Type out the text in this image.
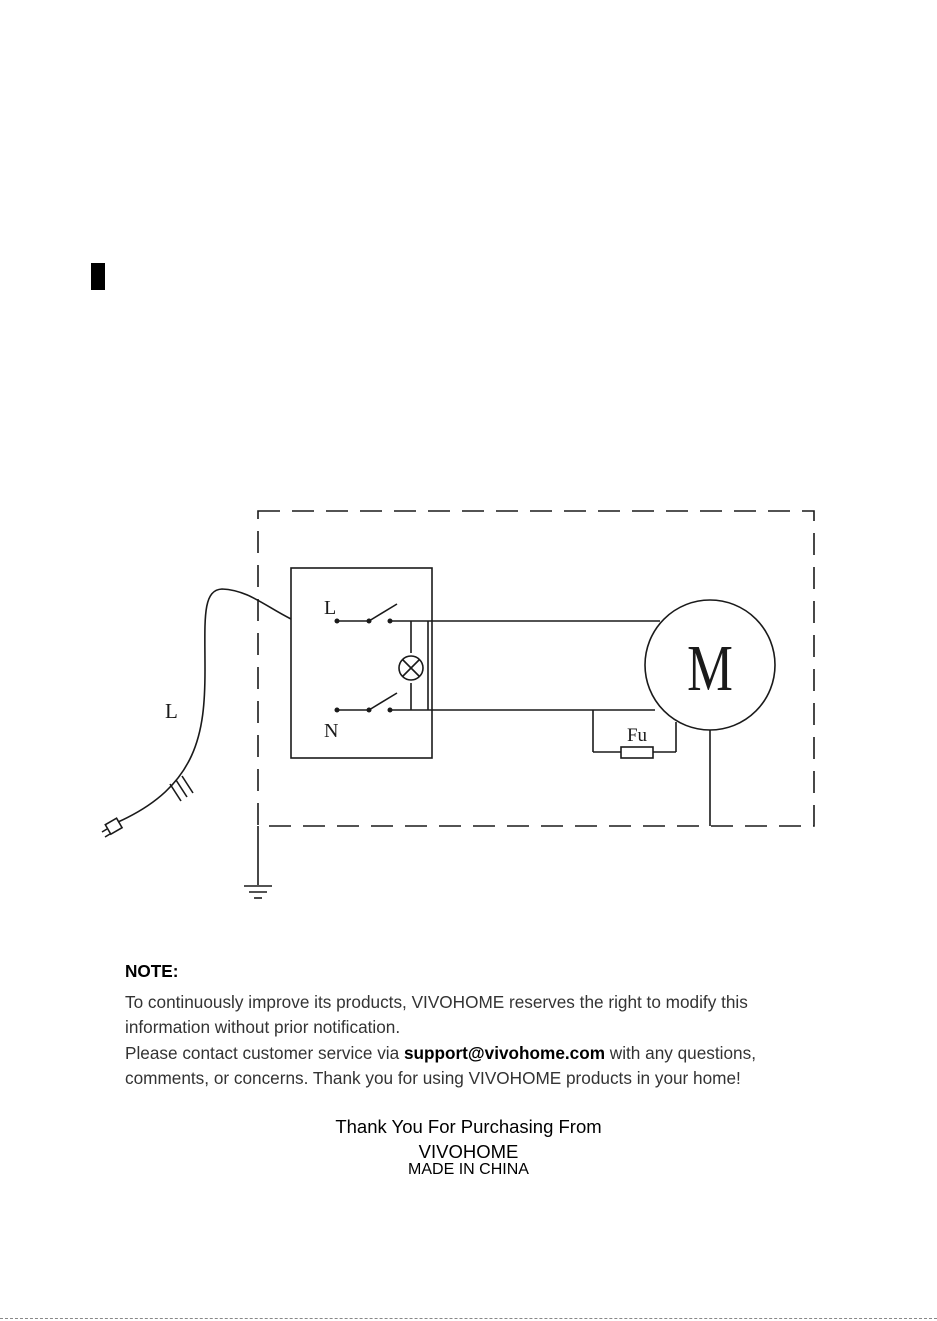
L
N
L
M
Fu
NOTE:

To continuously improve its products, VIVOHOME reserves the right to modify this information without prior notification.

Please contact customer service via support@vivohome.com with any questions, comments, or concerns. Thank you for using VIVOHOME products in your home!

Thank You For Purchasing From
VIVOHOME
MADE IN CHINA
